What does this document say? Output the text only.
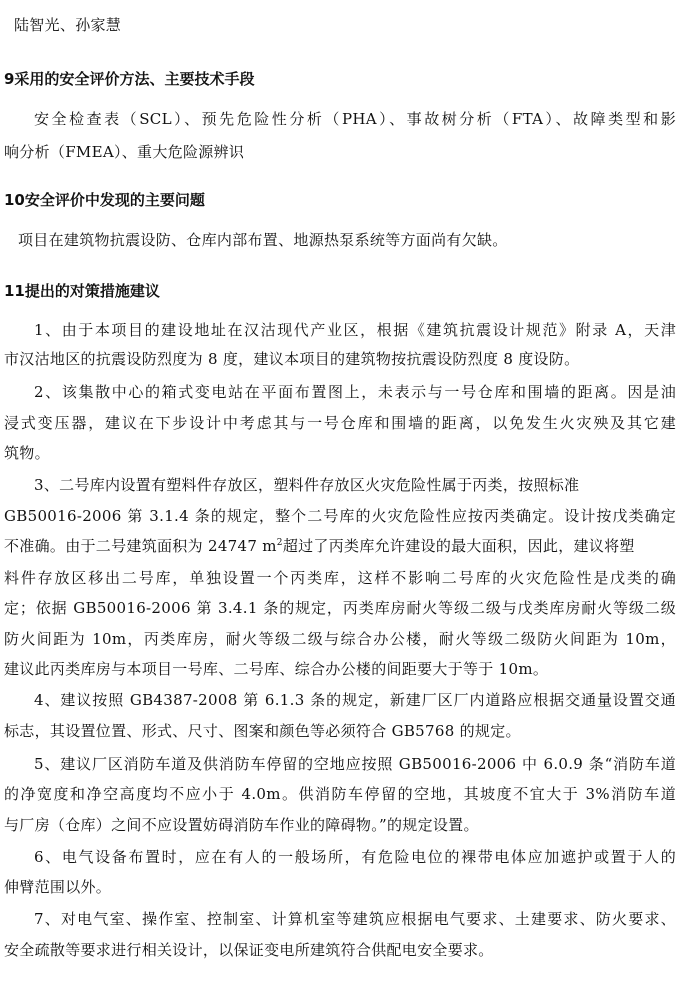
陆智光、孙家慧
9采用的安全评价方法、主要技术手段
安全检查表（SCL）、预先危险性分析（PHA）、事故树分析（FTA）、故障类型和影
响分析（FMEA）、重大危险源辨识
10安全评价中发现的主要问题
项目在建筑物抗震设防、仓库内部布置、地源热泵系统等方面尚有欠缺。
11提出的对策措施建议
1、由于本项目的建设地址在汉沽现代产业区，根据《建筑抗震设计规范》附录 A，天津
市汉沽地区的抗震设防烈度为 8 度，建议本项目的建筑物按抗震设防烈度 8 度设防。
2、该集散中心的箱式变电站在平面布置图上，未表示与一号仓库和围墙的距离。因是油
浸式变压器，建议在下步设计中考虑其与一号仓库和围墙的距离，以免发生火灾殃及其它建
筑物。
3、二号库内设置有塑料件存放区，塑料件存放区火灾危险性属于丙类，按照标准
GB50016-2006 第 3.1.4 条的规定，整个二号库的火灾危险性应按丙类确定。设计按戊类确定
不准确。由于二号建筑面积为 24747 $m^2$超过了丙类库允许建设的最大面积，因此，建议将塑
料件存放区移出二号库，单独设置一个丙类库，这样不影响二号库的火灾危险性是戊类的确
定；依据 GB50016-2006 第 3.4.1 条的规定，丙类库房耐火等级二级与戊类库房耐火等级二级
防火间距为 10m，丙类库房，耐火等级二级与综合办公楼，耐火等级二级防火间距为 10m，
建议此丙类库房与本项目一号库、二号库、综合办公楼的间距要大于等于 10m。
4、建议按照 GB4387-2008 第 6.1.3 条的规定，新建厂区厂内道路应根据交通量设置交通
标志，其设置位置、形式、尺寸、图案和颜色等必须符合 GB5768 的规定。
5、建议厂区消防车道及供消防车停留的空地应按照 GB50016-2006 中 6.0.9 条“消防车道
的净宽度和净空高度均不应小于 4.0m。供消防车停留的空地，其坡度不宜大于 3%消防车道
与厂房（仓库）之间不应设置妨碍消防车作业的障碍物。”的规定设置。
6、电气设备布置时，应在有人的一般场所，有危险电位的裸带电体应加遮护或置于人的
伸臂范围以外。
7、对电气室、操作室、控制室、计算机室等建筑应根据电气要求、土建要求、防火要求、
安全疏散等要求进行相关设计，以保证变电所建筑符合供配电安全要求。
